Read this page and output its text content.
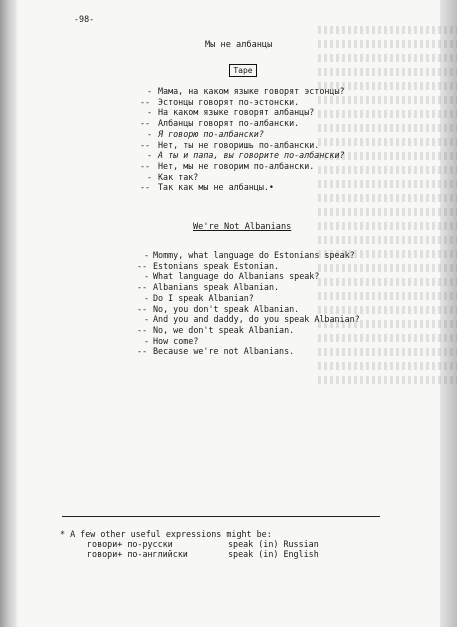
-98-
Мы не албанцы
Tape
- Мама, на каком языке говорят эстонцы?
-- Эстонцы говорят по-эстонски.
- На каком языке говорят албанцы?
-- Албанцы говорят по-албански.
- Я говорю по-албански?
-- Нет, ты не говоришь по-албански.
- А ты и папа, вы говорите по-албански?
-- Нет, мы не говорим по-албански.
- Как так?
-- Так как мы не албанцы.•
We're Not Albanians
- Mommy, what language do Estonians speak?
-- Estonians speak Estonian.
- What language do Albanians speak?
-- Albanians speak Albanian.
- Do I speak Albanian?
-- No, you don't speak Albanian.
- And you and daddy, do you speak Albanian?
-- No, we don't speak Albanian.
- How come?
-- Because we're not Albanians.
* A few other useful expressions might be:
говори+ по-русски	speak (in) Russian
говори+ по-английски	speak (in) English
